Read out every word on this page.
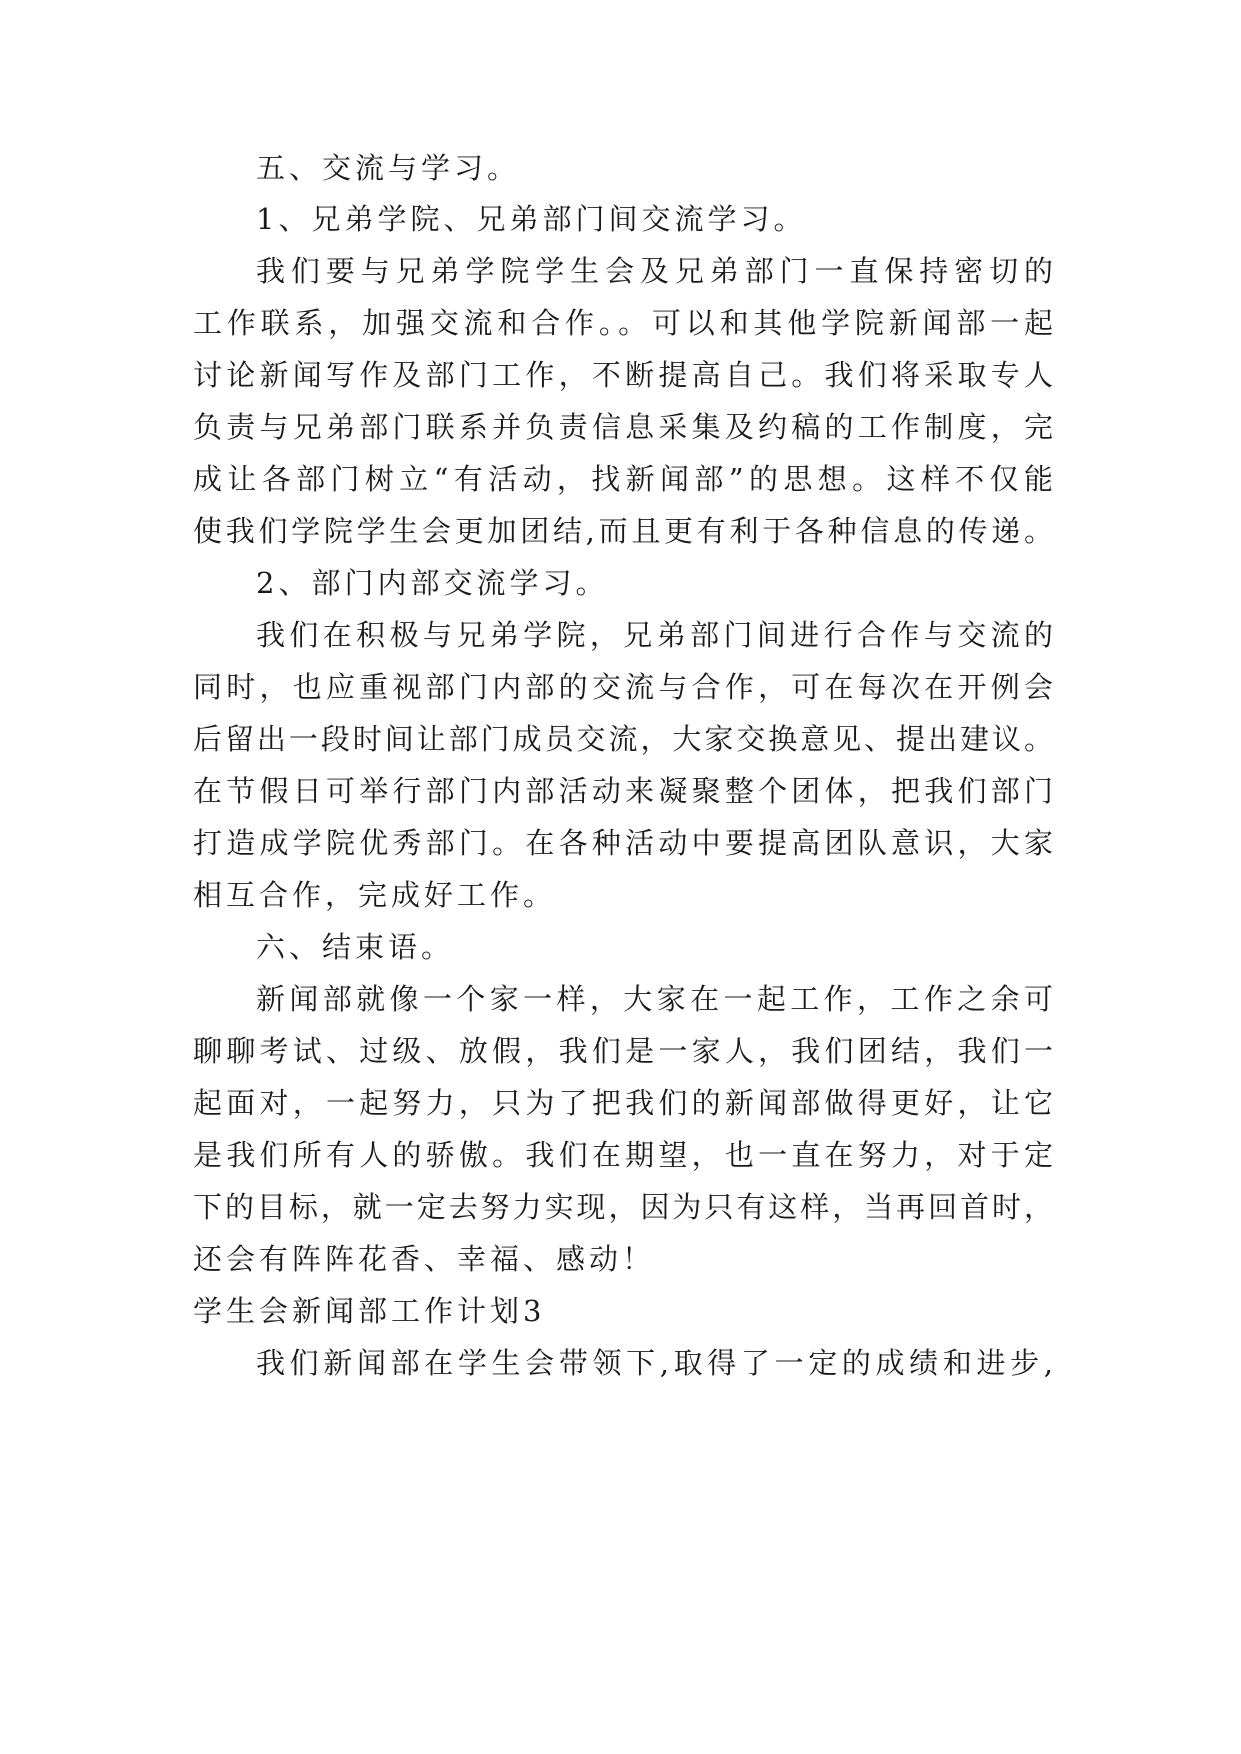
五、交流与学习。
1、兄弟学院、兄弟部门间交流学习。
我们要与兄弟学院学生会及兄弟部门一直保持密切的
工作联系，加强交流和合作。。可以和其他学院新闻部一起
讨论新闻写作及部门工作，不断提高自己。我们将采取专人
负责与兄弟部门联系并负责信息采集及约稿的工作制度，完
成让各部门树立“有活动，找新闻部”的思想。这样不仅能
使我们学院学生会更加团结,而且更有利于各种信息的传递。
2、部门内部交流学习。
我们在积极与兄弟学院，兄弟部门间进行合作与交流的
同时，也应重视部门内部的交流与合作，可在每次在开例会
后留出一段时间让部门成员交流，大家交换意见、提出建议。
在节假日可举行部门内部活动来凝聚整个团体，把我们部门
打造成学院优秀部门。在各种活动中要提高团队意识，大家
相互合作，完成好工作。
六、结束语。
新闻部就像一个家一样，大家在一起工作，工作之余可
聊聊考试、过级、放假，我们是一家人，我们团结，我们一
起面对，一起努力，只为了把我们的新闻部做得更好，让它
是我们所有人的骄傲。我们在期望，也一直在努力，对于定
下的目标，就一定去努力实现，因为只有这样，当再回首时，
还会有阵阵花香、幸福、感动！
学生会新闻部工作计划3
我们新闻部在学生会带领下,取得了一定的成绩和进步,
